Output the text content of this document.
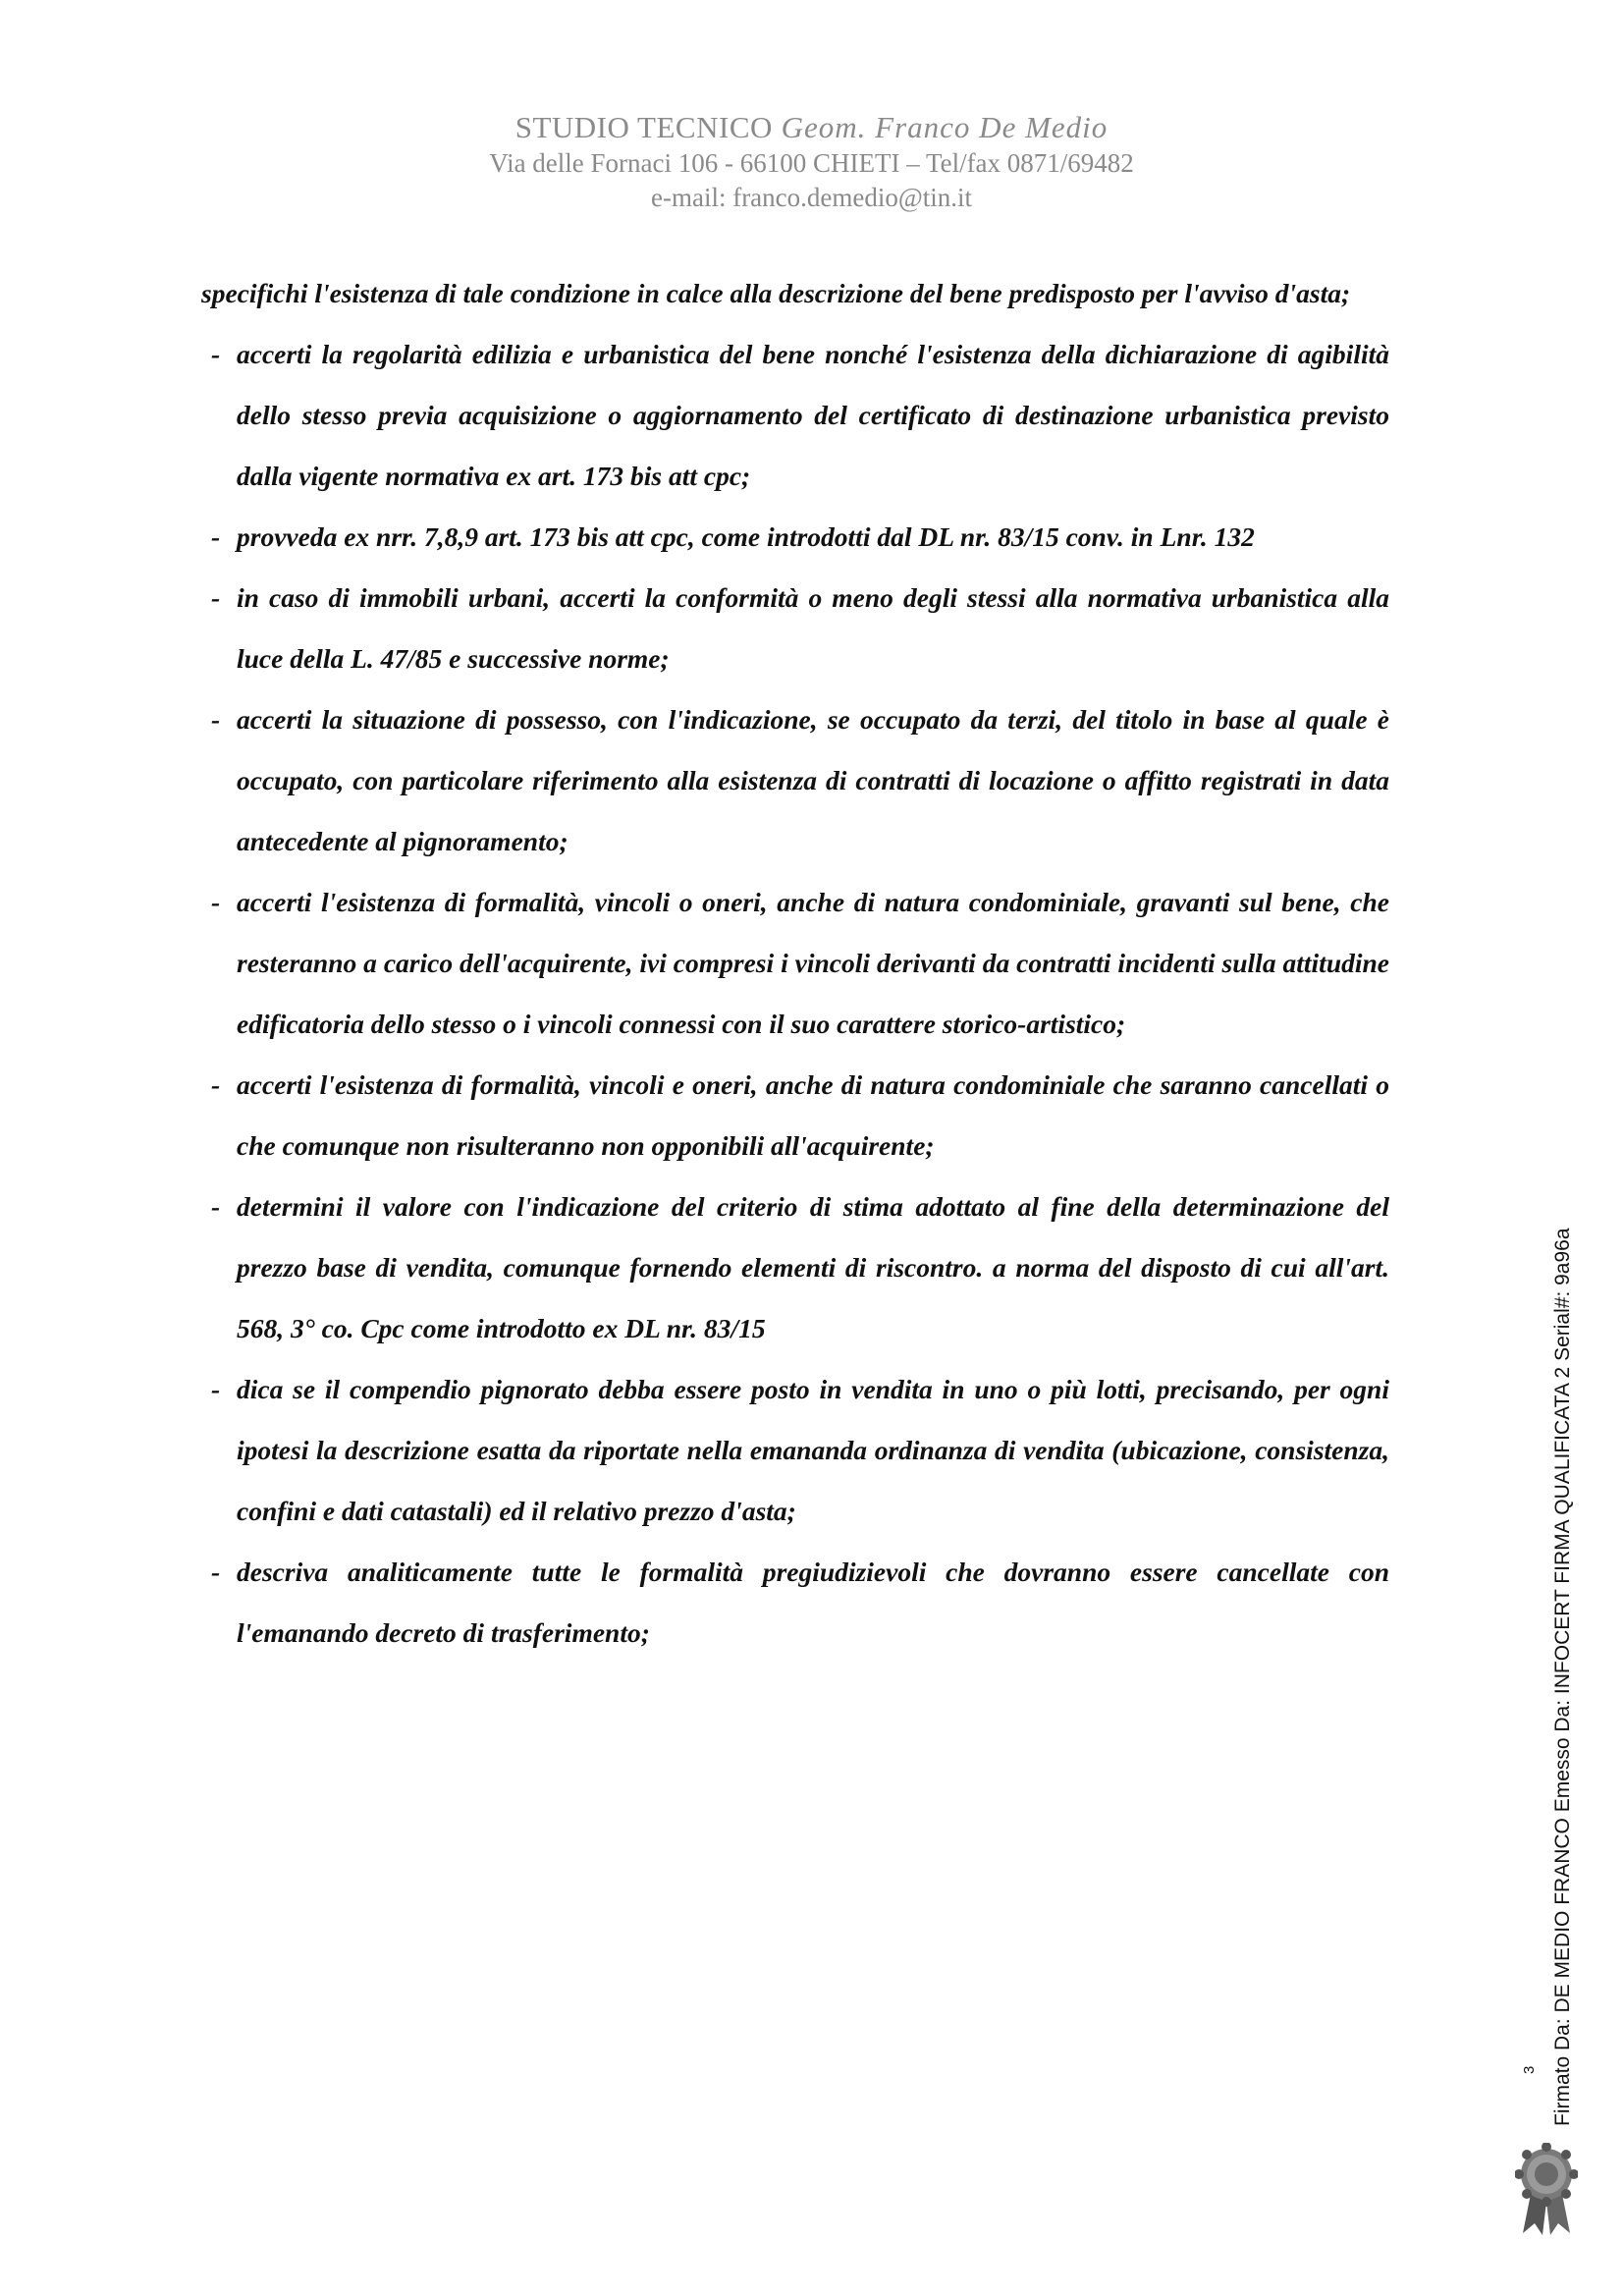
STUDIO TECNICO Geom. Franco De Medio
Via delle Fornaci 106 - 66100 CHIETI – Tel/fax 0871/69482
e-mail: franco.demedio@tin.it

specifichi l'esistenza di tale condizione in calce alla descrizione del bene predisposto per l'avviso d'asta;

- accerti la regolarità edilizia e urbanistica del bene nonché l'esistenza della dichiarazione di agibilità dello stesso previa acquisizione o aggiornamento del certificato di destinazione urbanistica previsto dalla vigente normativa ex art. 173 bis att cpc;

- provveda ex nrr. 7,8,9 art. 173 bis att cpc, come introdotti dal DL nr. 83/15 conv. in Lnr. 132

- in caso di immobili urbani, accerti la conformità o meno degli stessi alla normativa urbanistica alla luce della L. 47/85 e successive norme;

- accerti la situazione di possesso, con l'indicazione, se occupato da terzi, del titolo in base al quale è occupato, con particolare riferimento alla esistenza di contratti di locazione o affitto registrati in data antecedente al pignoramento;

- accerti l'esistenza di formalità, vincoli o oneri, anche di natura condominiale, gravanti sul bene, che resteranno a carico dell'acquirente, ivi compresi i vincoli derivanti da contratti incidenti sulla attitudine edificatoria dello stesso o i vincoli connessi con il suo carattere storico-artistico;

- accerti l'esistenza di formalità, vincoli e oneri, anche di natura condominiale che saranno cancellati o che comunque non risulteranno non opponibili all'acquirente;

- determini il valore con l'indicazione del criterio di stima adottato al fine della determinazione del prezzo base di vendita, comunque fornendo elementi di riscontro. a norma del disposto di cui all'art. 568, 3° co. Cpc come introdotto ex DL nr. 83/15

- dica se il compendio pignorato debba essere posto in vendita in uno o più lotti, precisando, per ogni ipotesi la descrizione esatta da riportate nella emananda ordinanza di vendita (ubicazione, consistenza, confini e dati catastali) ed il relativo prezzo d'asta;

- descriva analiticamente tutte le formalità pregiudizievoli che dovranno essere cancellate con l'emanando decreto di trasferimento;

3 Firmato Da: DE MEDIO FRANCO Emesso Da: INFOCERT FIRMA QUALIFICATA 2 Serial#: 9a96a
